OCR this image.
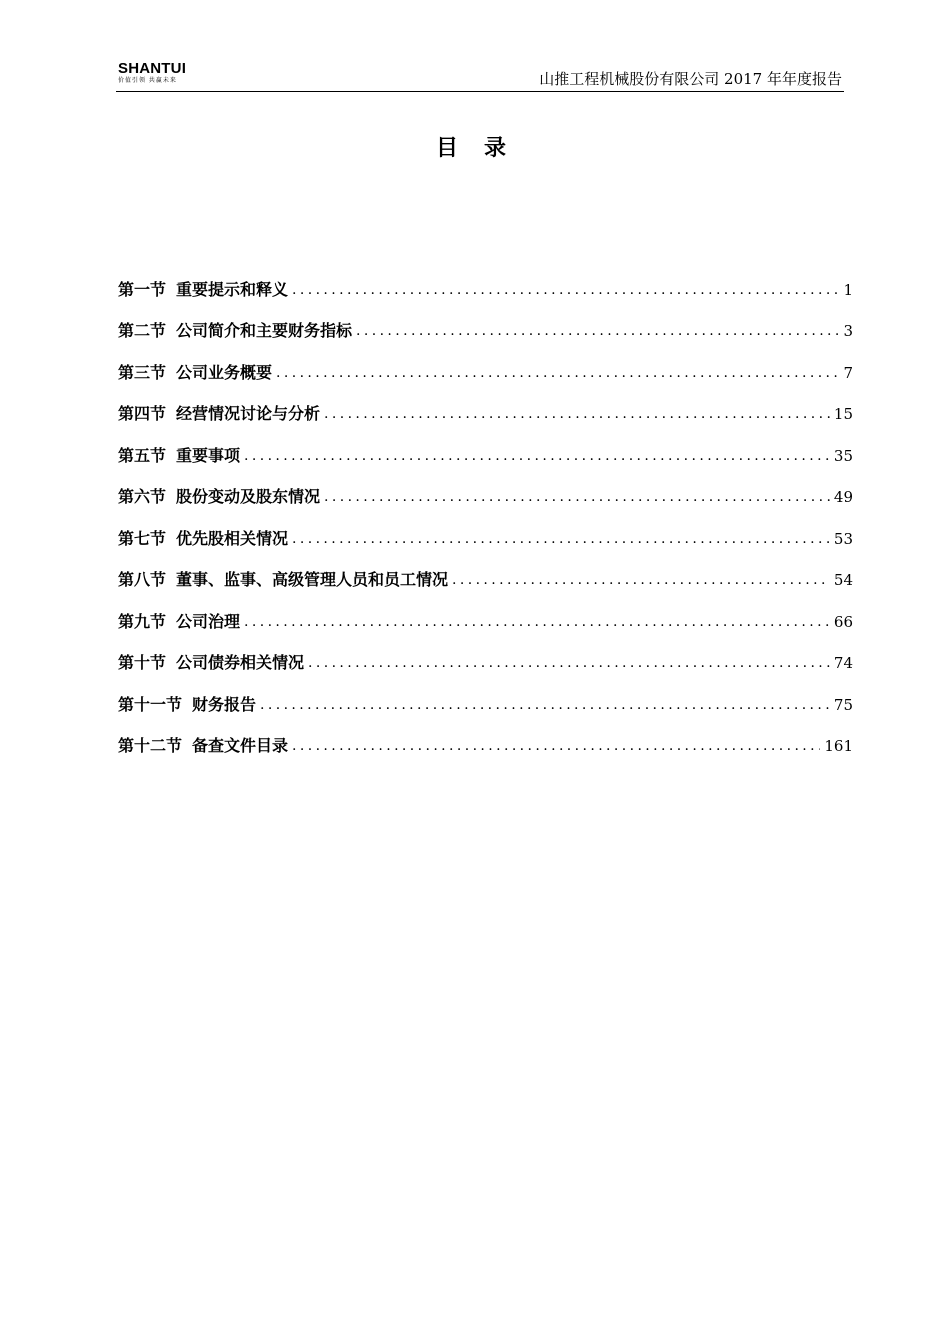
SHANTUI
价值引领 共赢未来	山推工程机械股份有限公司 2017 年年度报告
目录
第一节 重要提示和释义 .....	1
第二节 公司简介和主要财务指标 .....	3
第三节 公司业务概要 .....	7
第四节 经营情况讨论与分析 .....	15
第五节 重要事项 .....	35
第六节 股份变动及股东情况 .....	49
第七节 优先股相关情况 .....	53
第八节 董事、监事、高级管理人员和员工情况 .....	54
第九节 公司治理 .....	66
第十节 公司债券相关情况 .....	74
第十一节 财务报告 .....	75
第十二节 备查文件目录 .....	161
